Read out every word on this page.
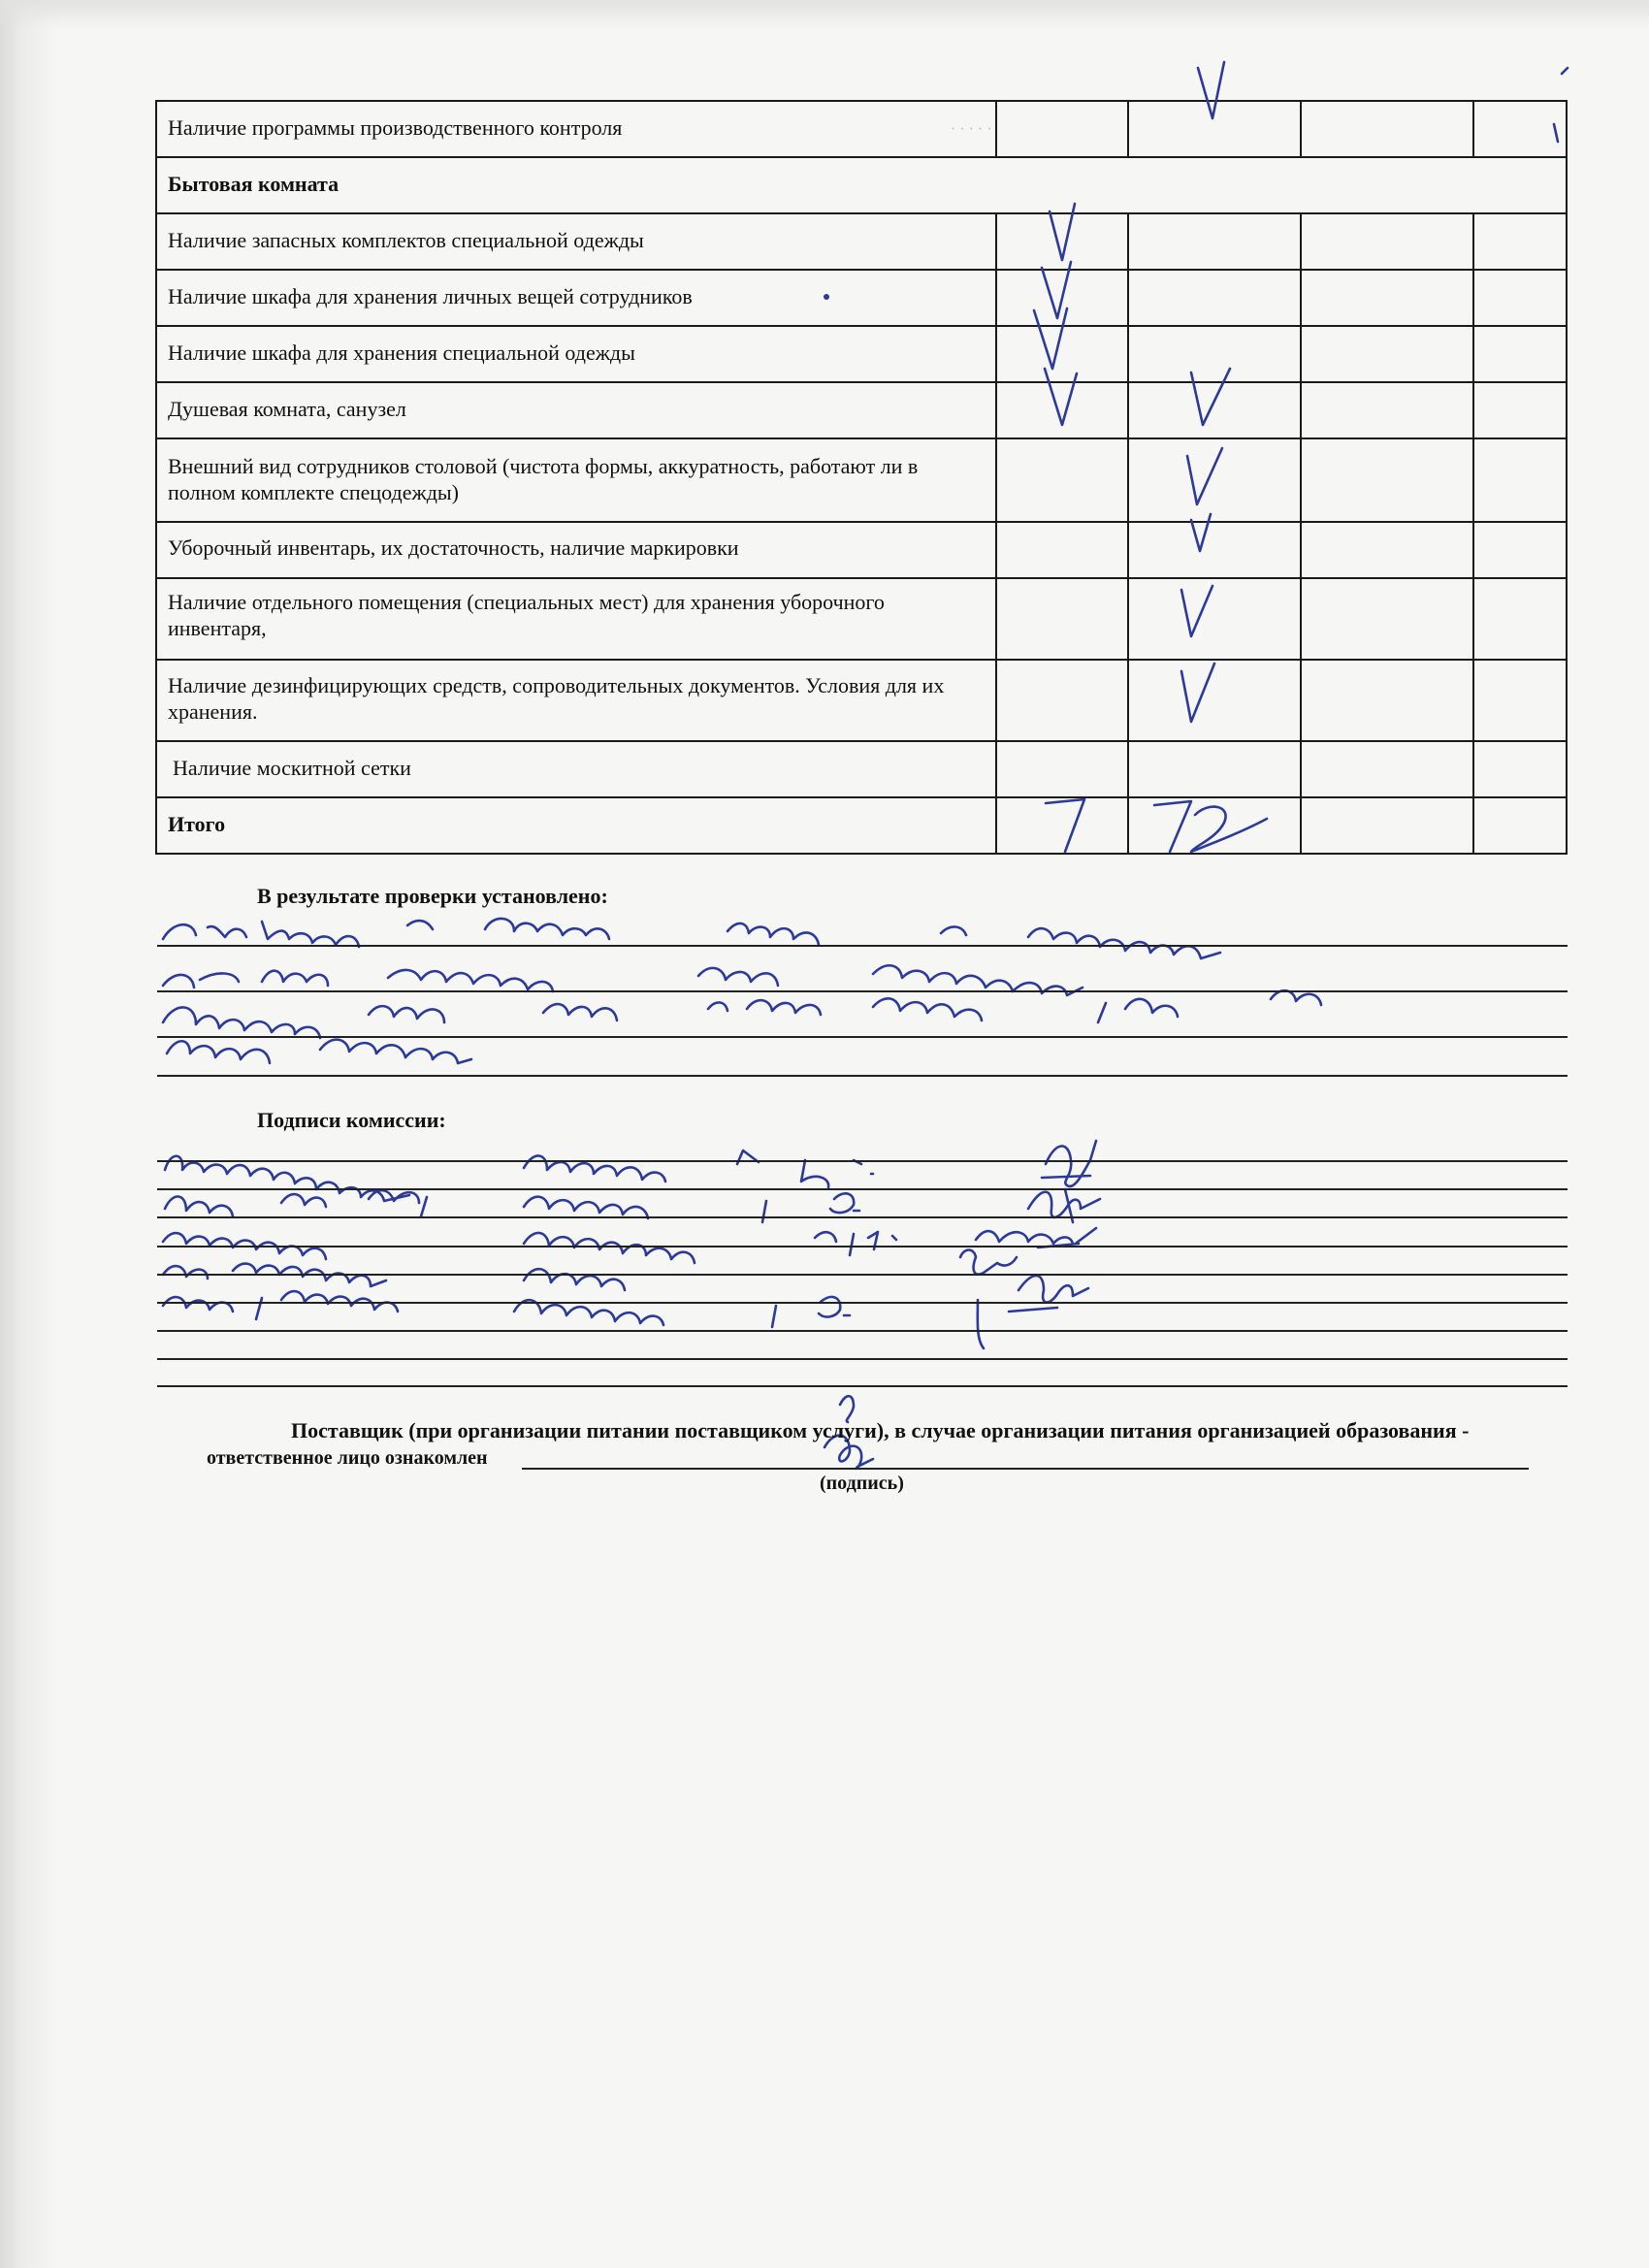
· · · · ·
Наличие программы производственного контроля
Бытовая комната
Наличие запасных комплектов специальной одежды
Наличие шкафа для хранения личных вещей сотрудников
Наличие шкафа для хранения специальной одежды
Душевая комната, санузел
Внешний вид сотрудников столовой (чистота формы, аккуратность, работают ли в полном комплекте спецодежды)
Уборочный инвентарь, их достаточность, наличие маркировки
Наличие отдельного помещения (специальных мест) для хранения уборочного инвентаря,
Наличие дезинфицирующих средств, сопроводительных документов. Условия для их хранения.
Наличие москитной сетки
Итого
В результате проверки установлено:
Подписи комиссии:
Поставщик (при организации питании поставщиком услуги), в случае организации питания организацией образования -
ответственное лицо ознакомлен
(подпись)
